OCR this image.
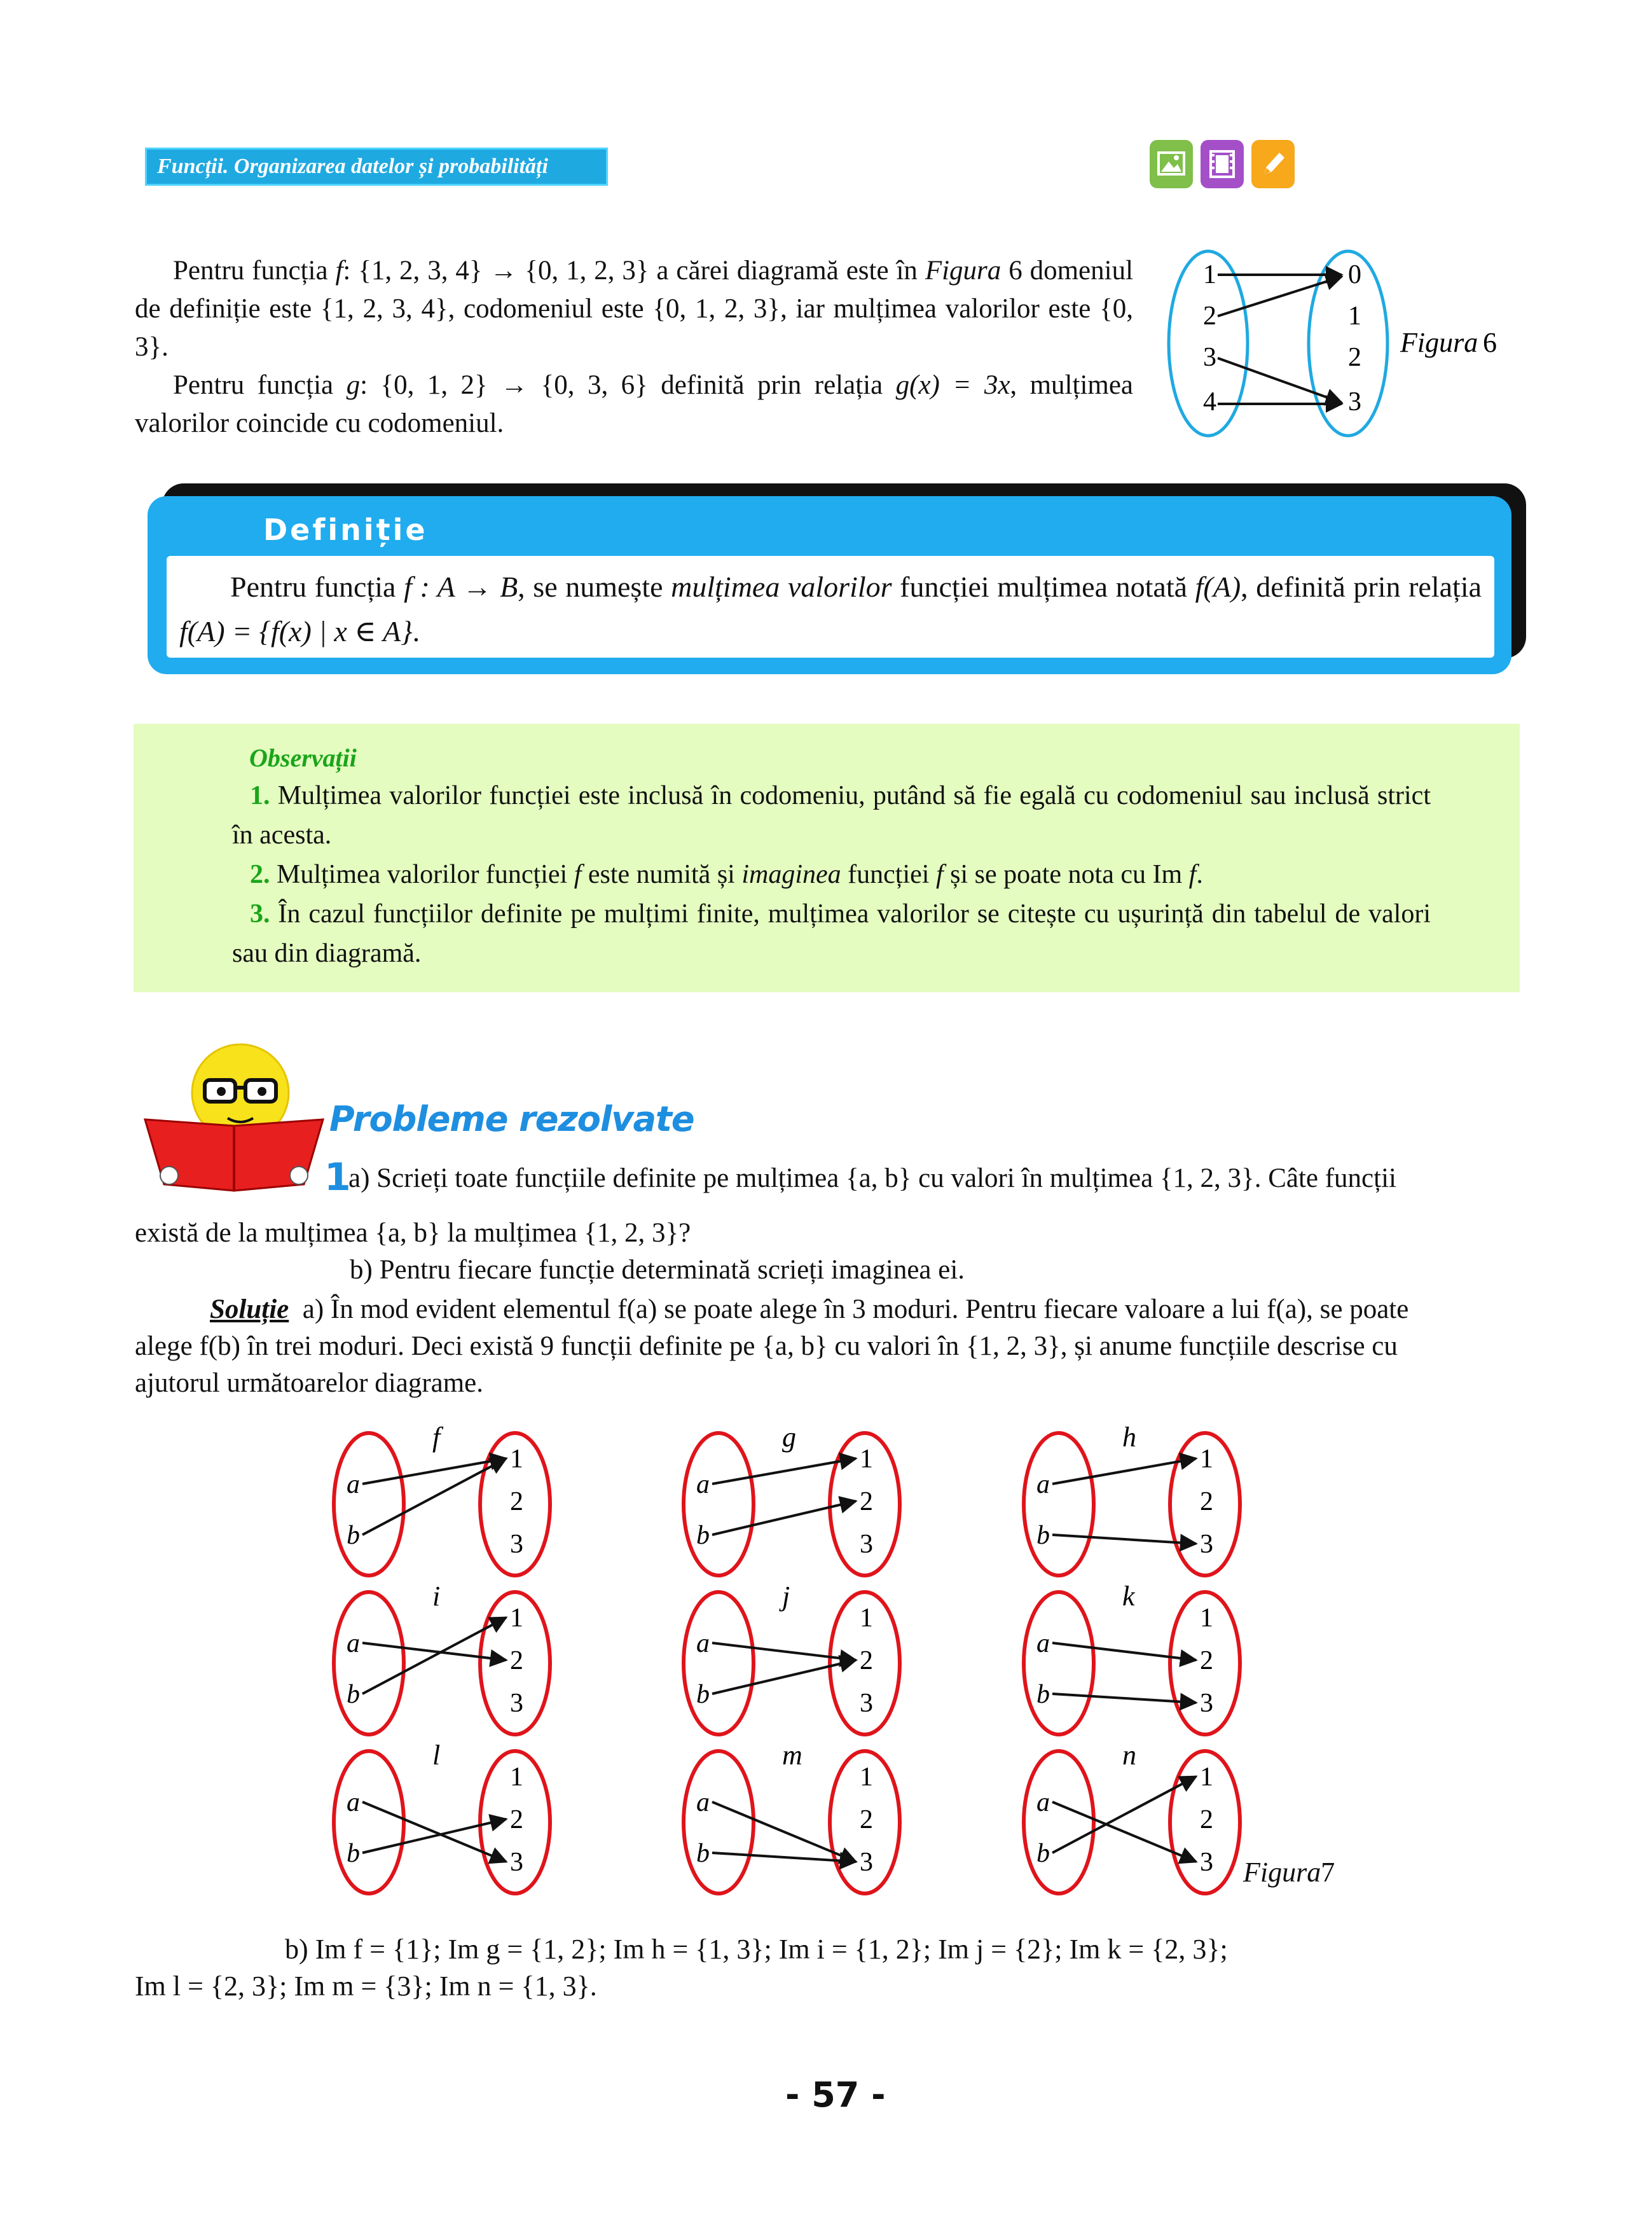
Funcții. Organizarea datelor și probabilități

Pentru funcția f: {1, 2, 3, 4} → {0, 1, 2, 3} a cărei diagramă este în Figura 6 domeniul de definiție este {1, 2, 3, 4}, codomeniul este {0, 1, 2, 3}, iar mulțimea valorilor este {0, 3}.

Pentru funcția g: {0, 1, 2} → {0, 3, 6} definită prin relația g(x) = 3x, mulțimea valorilor coincide cu codomeniul.

1
2
3
4
0
1
2
3
Figura 6
Definiție
Pentru funcția f : A → B, se numește mulțimea valorilor funcției mulțimea notată f(A), definită prin relația f(A) = {f(x) | x ∈ A}.
Observații

1. Mulțimea valorilor funcției este inclusă în codomeniu, putând să fie egală cu codomeniul sau inclusă strict în acesta.

2. Mulțimea valorilor funcției f este numită și imaginea funcției f și se poate nota cu Im f.

3. În cazul funcțiilor definite pe mulțimi finite, mulțimea valorilor se citește cu ușurință din tabelul de valori sau din diagramă.

Probleme rezolvate
1
a) Scrieți toate funcțiile definite pe mulțimea {a, b} cu valori în mulțimea {1, 2, 3}. Câte funcții
există de la mulțimea {a, b} la mulțimea {1, 2, 3}?
b) Pentru fiecare funcție determinată scrieți imaginea ei.
Soluție a) În mod evident elementul f(a) se poate alege în 3 moduri. Pentru fiecare valoare a lui f(a), se poate
alege f(b) în trei moduri. Deci există 9 funcții definite pe {a, b} cu valori în {1, 2, 3}, și anume funcțiile descrise cu
ajutorul următoarelor diagrame.
a
b
1
2
3
f
a
b
1
2
3
g
a
b
1
2
3
h
a
b
1
2
3
i
a
b
1
2
3
j
a
b
1
2
3
k
a
b
1
2
3
l
a
b
1
2
3
m
a
b
1
2
3
n
Figura7
b) Im f = {1}; Im g = {1, 2}; Im h = {1, 3}; Im i = {1, 2}; Im j = {2}; Im k = {2, 3};
Im l = {2, 3}; Im m = {3}; Im n = {1, 3}.
- 57 -
